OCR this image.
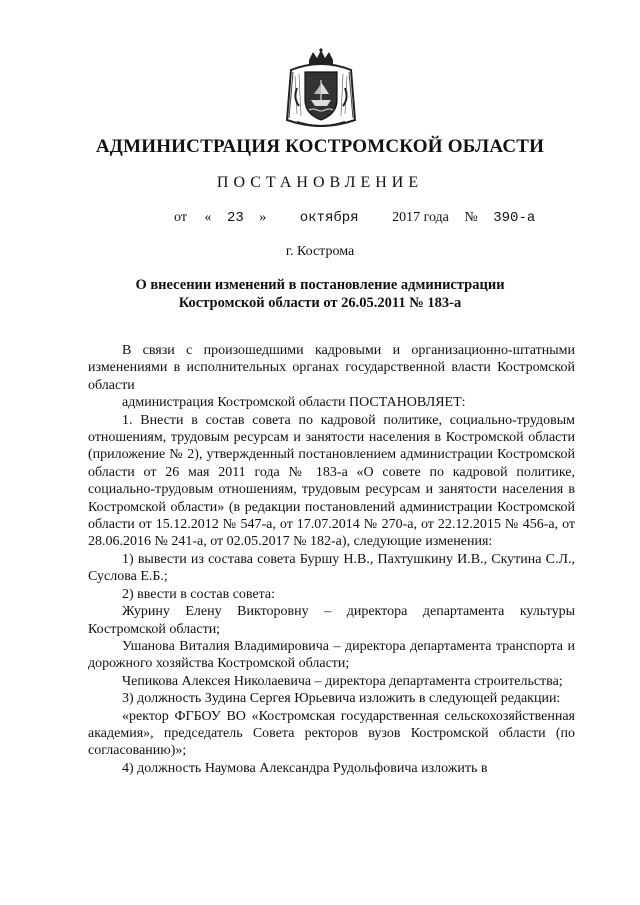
АДМИНИСТРАЦИЯ КОСТРОМСКОЙ ОБЛАСТИ
ПОСТАНОВЛЕНИЕ
от « 23 » октября 2017 года № 390-а
г. Кострома
О внесении изменений в постановление администрации
Костромской области от 26.05.2011 № 183-а

В связи с произошедшими кадровыми и организационно-штатными изменениями в исполнительных органах государственной власти Костромской области

администрация Костромской области ПОСТАНОВЛЯЕТ:

1. Внести в состав совета по кадровой политике, социально-трудовым отношениям, трудовым ресурсам и занятости населения в Костромской области (приложение № 2), утвержденный постановлением администрации Костромской области от 26 мая 2011 года № 183-а «О совете по кадровой политике, социально-трудовым отношениям, трудовым ресурсам и занятости населения в Костромской области» (в редакции постановлений администрации Костромской области от 15.12.2012 № 547-а, от 17.07.2014 № 270-а, от 22.12.2015 № 456-а, от 28.06.2016 № 241-а, от 02.05.2017 № 182-а), следующие изменения:

1) вывести из состава совета Буршу Н.В., Пахтушкину И.В., Скутина С.Л., Суслова Е.Б.;

2) ввести в состав совета:

Журину Елену Викторовну – директора департамента культуры Костромской области;

Ушанова Виталия Владимировича – директора департамента транспорта и дорожного хозяйства Костромской области;

Чепикова Алексея Николаевича – директора департамента строительства;

3) должность Зудина Сергея Юрьевича изложить в следующей редакции:

«ректор ФГБОУ ВО «Костромская государственная сельскохозяйственная академия», председатель Совета ректоров вузов Костромской области (по согласованию)»;

4) должность Наумова Александра Рудольфовича изложить в
